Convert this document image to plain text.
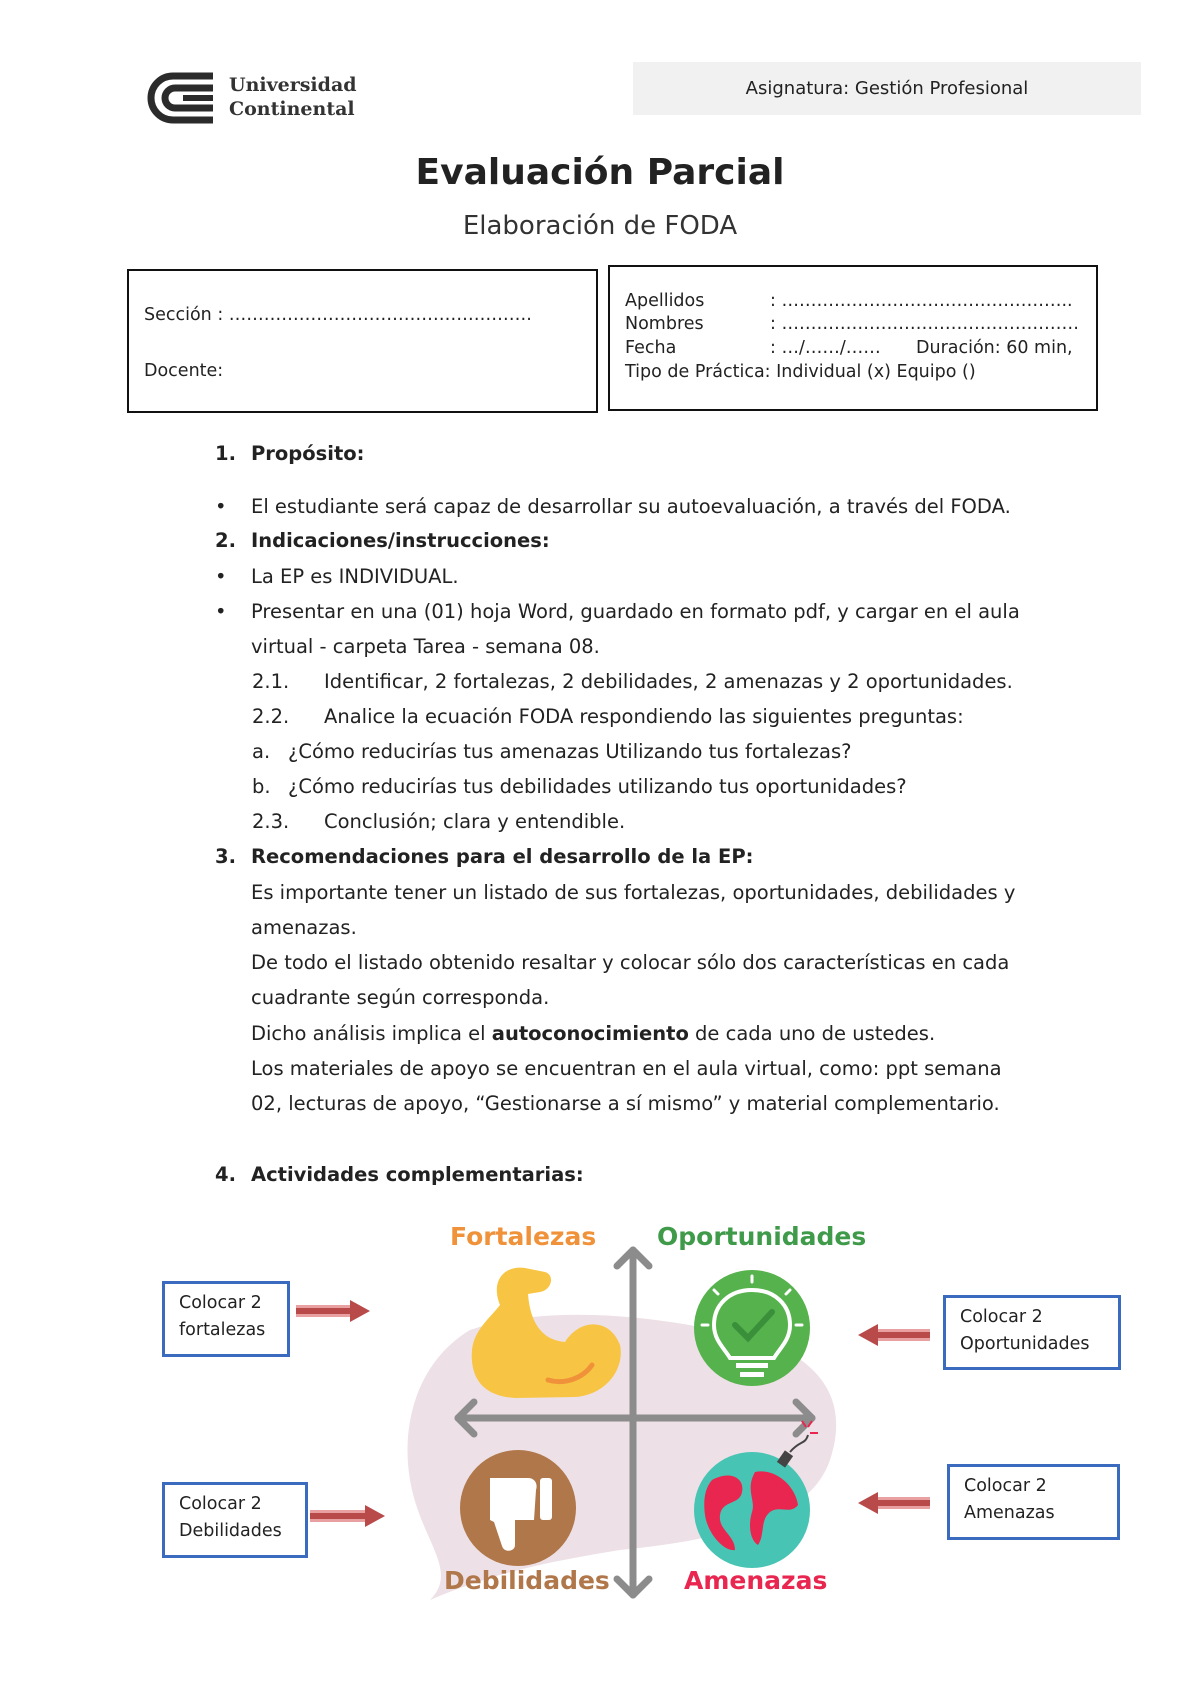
Universidad
Continental
Asignatura: Gestión Profesional
Evaluación Parcial
Elaboración de FODA
Sección : …………………………………………….
Docente:
Apellidos	: …………………………………………..
Nombres	: ……………………………………………
Fecha	: …/……/…… Duración: 60 min,
Tipo de Práctica: Individual (x) Equipo ()
1. Propósito:
• El estudiante será capaz de desarrollar su autoevaluación, a través del FODA.
2. Indicaciones/instrucciones:
• La EP es INDIVIDUAL.
• Presentar en una (01) hoja Word, guardado en formato pdf, y cargar en el aula
virtual - carpeta Tarea - semana 08.
2.1. Identificar, 2 fortalezas, 2 debilidades, 2 amenazas y 2 oportunidades.
2.2. Analice la ecuación FODA respondiendo las siguientes preguntas:
a. ¿Cómo reducirías tus amenazas Utilizando tus fortalezas?
b. ¿Cómo reducirías tus debilidades utilizando tus oportunidades?
2.3. Conclusión; clara y entendible.
3. Recomendaciones para el desarrollo de la EP:
Es importante tener un listado de sus fortalezas, oportunidades, debilidades y
amenazas.
De todo el listado obtenido resaltar y colocar sólo dos características en cada
cuadrante según corresponda.
Dicho análisis implica el autoconocimiento de cada uno de ustedes.
Los materiales de apoyo se encuentran en el aula virtual, como: ppt semana
02, lecturas de apoyo, “Gestionarse a sí mismo” y material complementario.
4. Actividades complementarias:
Fortalezas Oportunidades
Debilidades	Amenazas
Colocar 2
fortalezas
Colocar 2
Oportunidades
Colocar 2
Debilidades
Colocar 2
Amenazas
